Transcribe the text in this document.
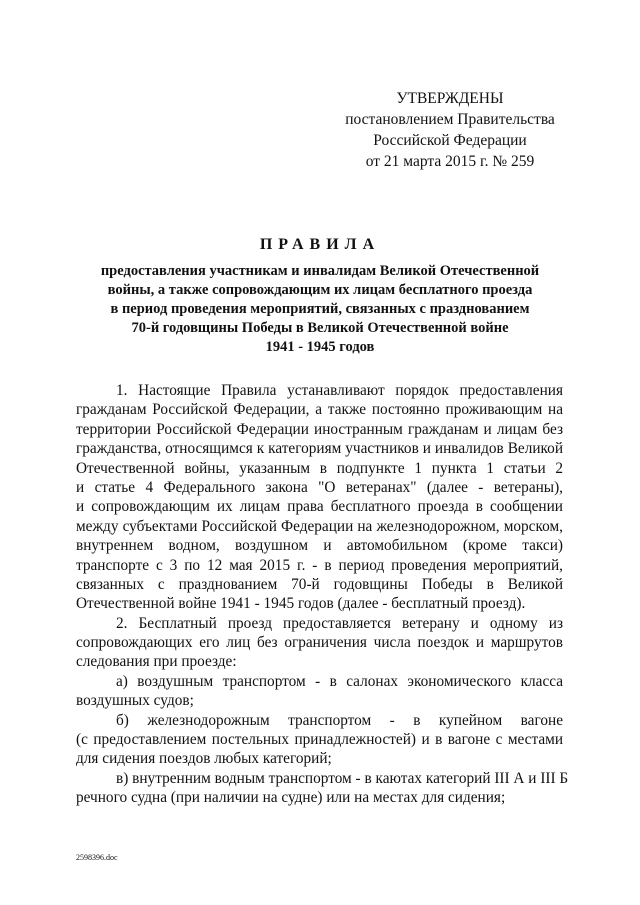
УТВЕРЖДЕНЫ
постановлением Правительства
Российской Федерации
от 21 марта 2015 г. № 259
ПРАВИЛА
предоставления участникам и инвалидам Великой Отечественной
войны, а также сопровождающим их лицам бесплатного проезда
в период проведения мероприятий, связанных с празднованием
70-й годовщины Победы в Великой Отечественной войне
1941 - 1945 годов
1. Настоящие Правила устанавливают порядок предоставления
гражданам Российской Федерации, а также постоянно проживающим на
территории Российской Федерации иностранным гражданам и лицам без
гражданства, относящимся к категориям участников и инвалидов Великой
Отечественной войны, указанным в подпункте 1 пункта 1 статьи 2
и статье 4 Федерального закона "О ветеранах" (далее - ветераны),
и сопровождающим их лицам права бесплатного проезда в сообщении
между субъектами Российской Федерации на железнодорожном, морском,
внутреннем водном, воздушном и автомобильном (кроме такси)
транспорте с 3 по 12 мая 2015 г. - в период проведения мероприятий,
связанных с празднованием 70-й годовщины Победы в Великой
Отечественной войне 1941 - 1945 годов (далее - бесплатный проезд).
2. Бесплатный проезд предоставляется ветерану и одному из
сопровождающих его лиц без ограничения числа поездок и маршрутов
следования при проезде:
а) воздушным транспортом - в салонах экономического класса
воздушных судов;
б) железнодорожным транспортом - в купейном вагоне
(с предоставлением постельных принадлежностей) и в вагоне с местами
для сидения поездов любых категорий;
в) внутренним водным транспортом - в каютах категорий III А и III Б
речного судна (при наличии на судне) или на местах для сидения;
2598396.doc
